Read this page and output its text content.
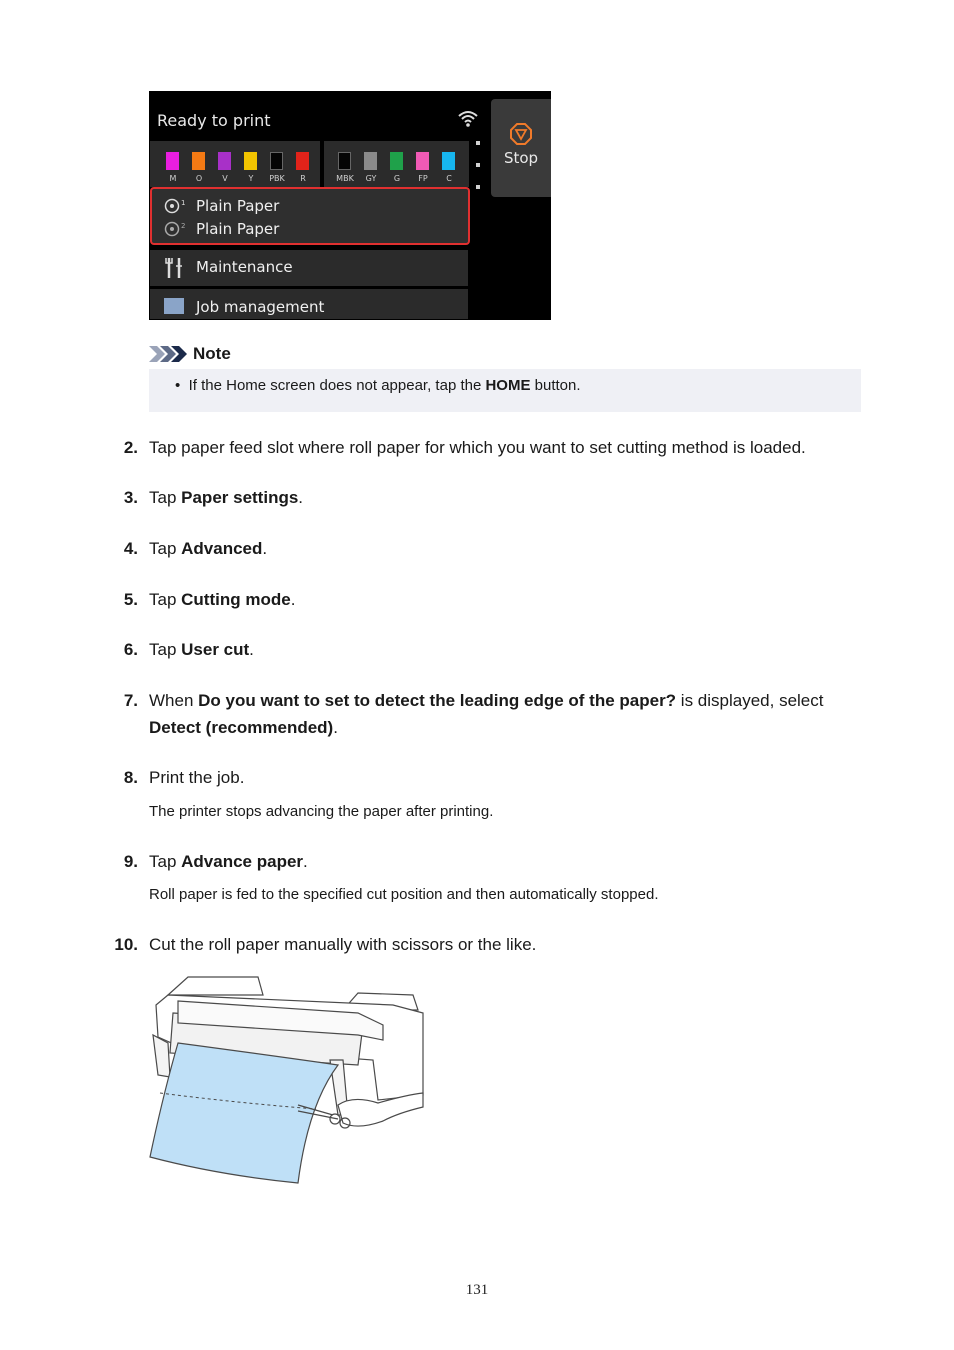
Ready to print
M	O	V	Y	PBK	R	MBK	GY	G	FP	C
1 Plain Paper
2 Plain Paper
Maintenance
Job management
Stop
Note
• If the Home screen does not appear, tap the HOME button.
2. Tap paper feed slot where roll paper for which you want to set cutting method is loaded.
3. Tap Paper settings.
4. Tap Advanced.
5. Tap Cutting mode.
6. Tap User cut.
7. When Do you want to set to detect the leading edge of the paper? is displayed, select Detect (recommended).
8. Print the job.
The printer stops advancing the paper after printing.
9. Tap Advance paper.
Roll paper is fed to the specified cut position and then automatically stopped.
10. Cut the roll paper manually with scissors or the like.
131
